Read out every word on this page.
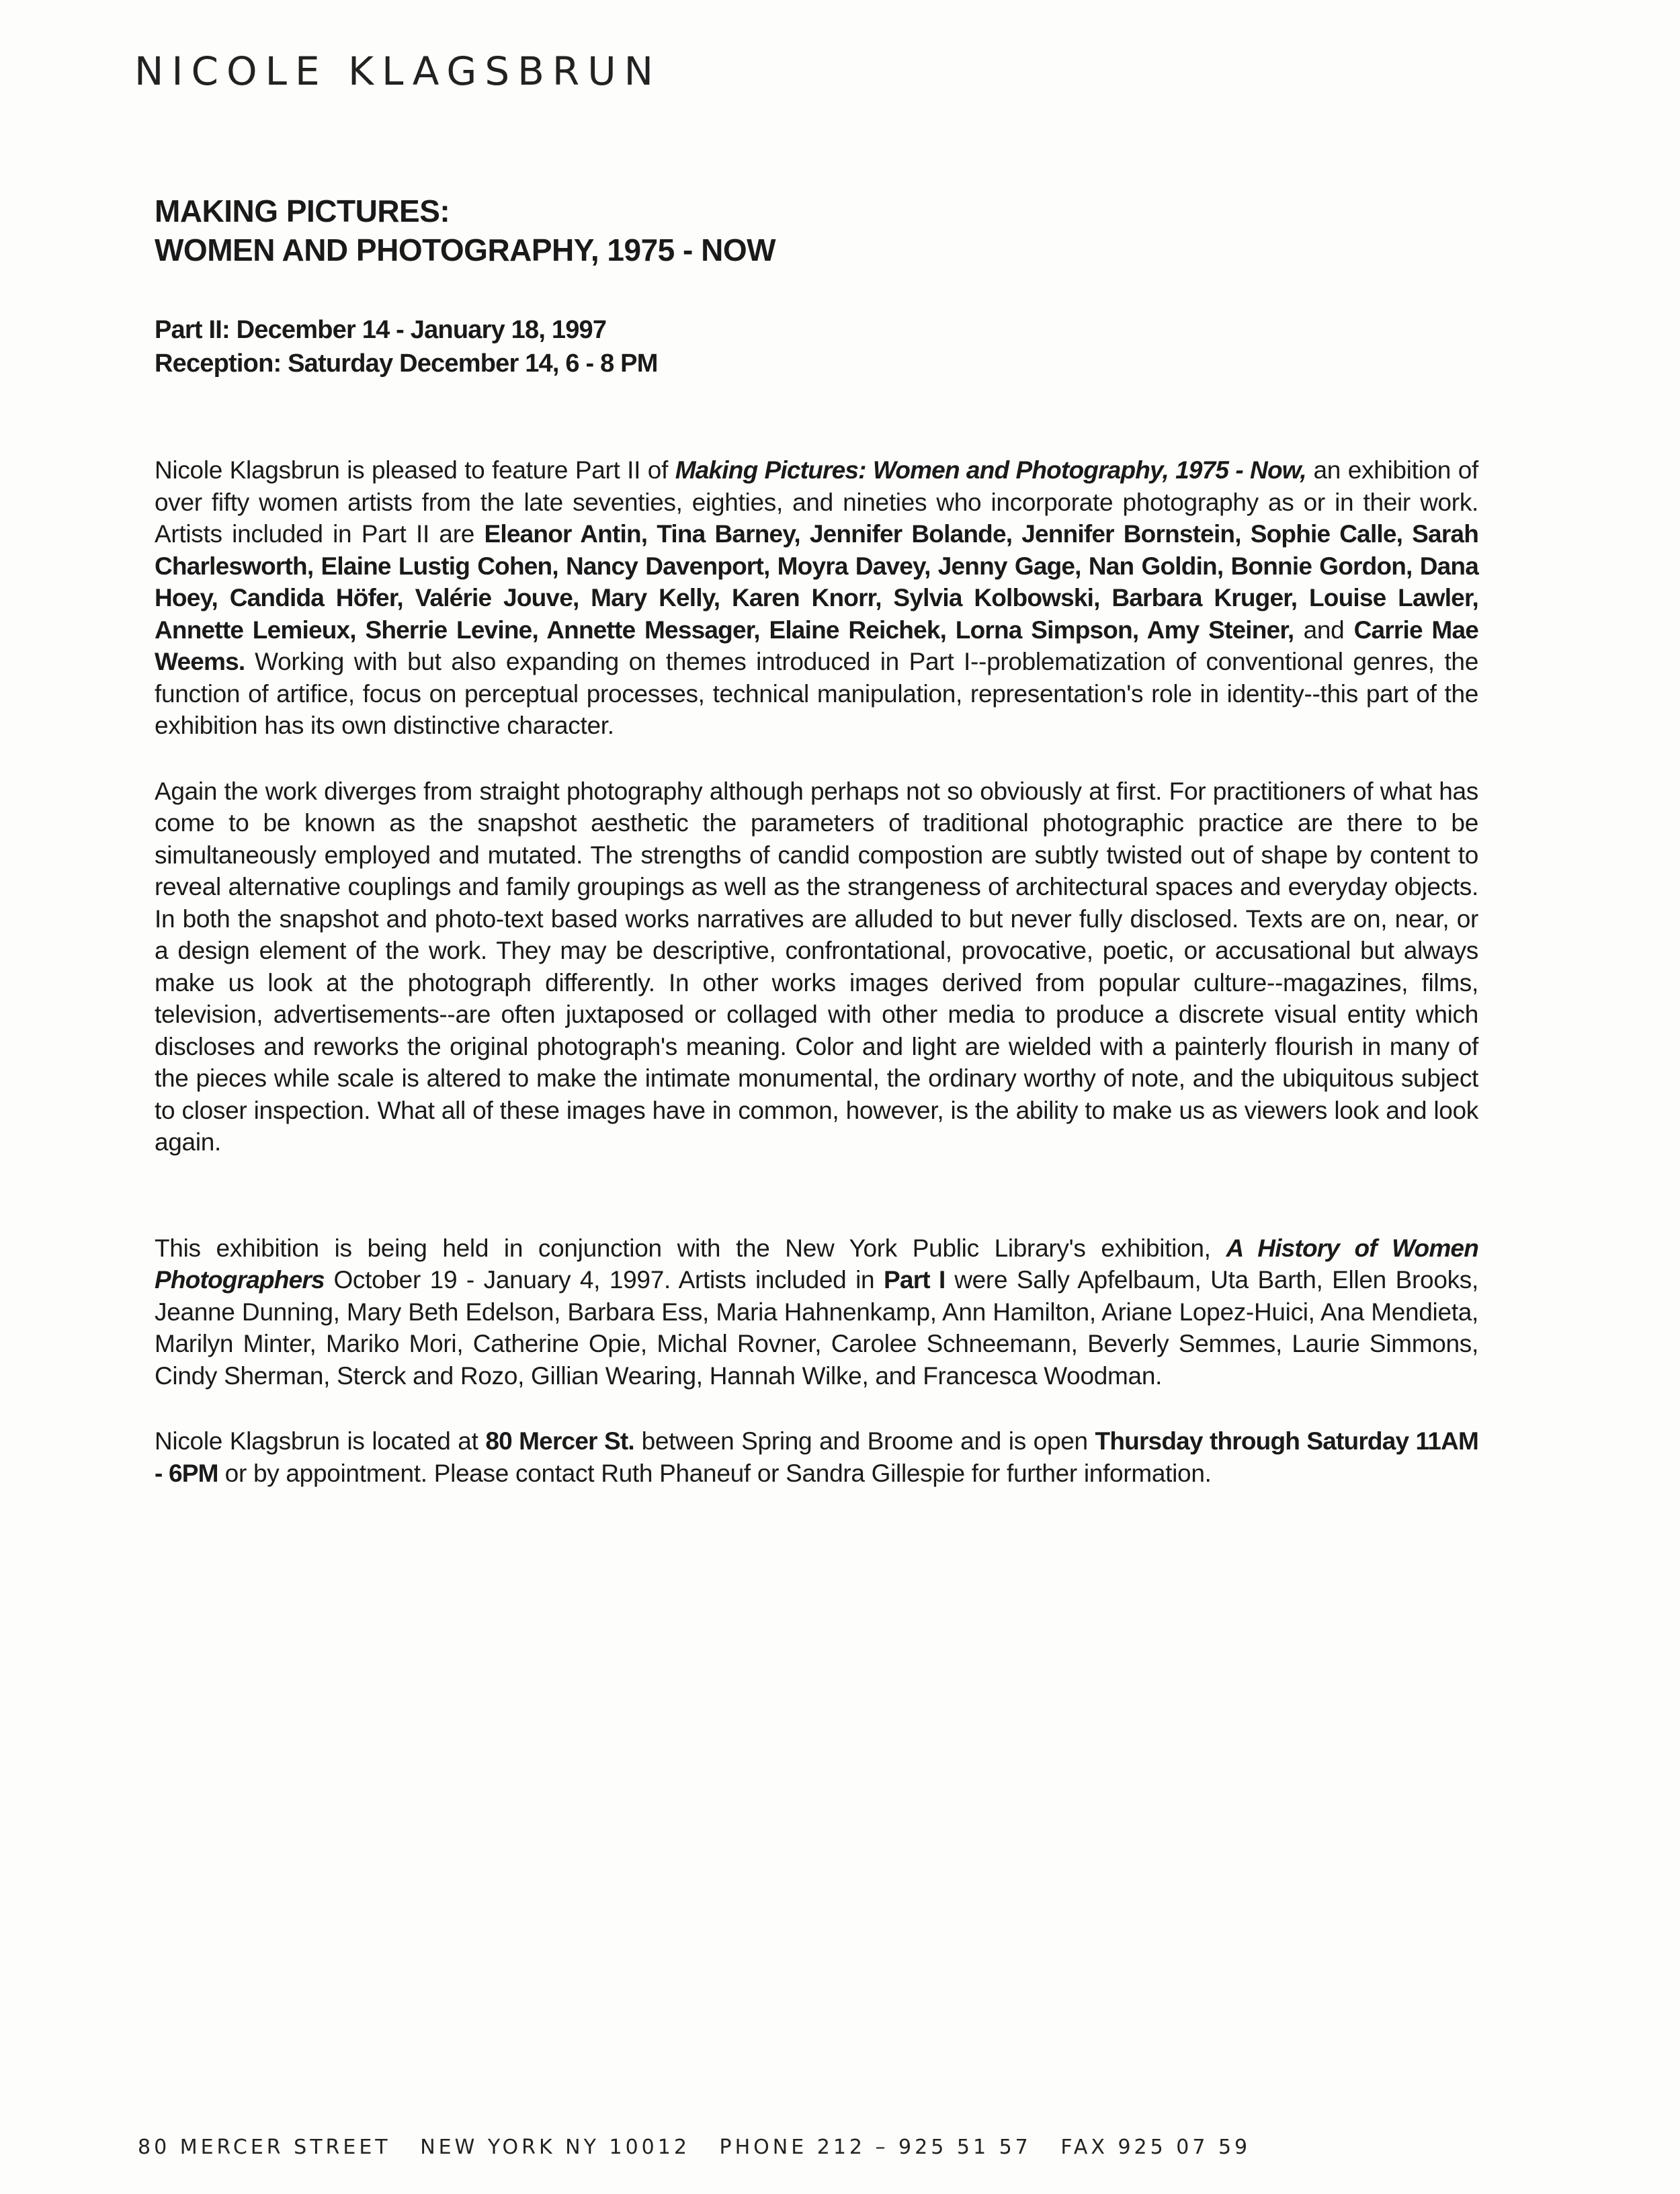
NICOLE KLAGSBRUN
MAKING PICTURES:
WOMEN AND PHOTOGRAPHY, 1975 - NOW
Part II: December 14 - January 18, 1997
Reception: Saturday December 14, 6 - 8 PM

Nicole Klagsbrun is pleased to feature Part II of Making Pictures: Women and Photography, 1975 - Now, an exhibition of over fifty women artists from the late seventies, eighties, and nineties who incorporate photography as or in their work. Artists included in Part II are Eleanor Antin, Tina Barney, Jennifer Bolande, Jennifer Bornstein, Sophie Calle, Sarah Charlesworth, Elaine Lustig Cohen, Nancy Davenport, Moyra Davey, Jenny Gage, Nan Goldin, Bonnie Gordon, Dana Hoey, Candida Höfer, Valérie Jouve, Mary Kelly, Karen Knorr, Sylvia Kolbowski, Barbara Kruger, Louise Lawler, Annette Lemieux, Sherrie Levine, Annette Messager, Elaine Reichek, Lorna Simpson, Amy Steiner, and Carrie Mae Weems. Working with but also expanding on themes introduced in Part I--problematization of conventional genres, the function of artifice, focus on perceptual processes, technical manipulation, representation's role in identity--this part of the exhibition has its own distinctive character.

Again the work diverges from straight photography although perhaps not so obviously at first. For practitioners of what has come to be known as the snapshot aesthetic the parameters of traditional photographic practice are there to be simultaneously employed and mutated. The strengths of candid compostion are subtly twisted out of shape by content to reveal alternative couplings and family groupings as well as the strangeness of architectural spaces and everyday objects. In both the snapshot and photo-text based works narratives are alluded to but never fully disclosed. Texts are on, near, or a design element of the work. They may be descriptive, confrontational, provocative, poetic, or accusational but always make us look at the photograph differently. In other works images derived from popular culture--magazines, films, television, advertisements--are often juxtaposed or collaged with other media to produce a discrete visual entity which discloses and reworks the original photograph's meaning. Color and light are wielded with a painterly flourish in many of the pieces while scale is altered to make the intimate monumental, the ordinary worthy of note, and the ubiquitous subject to closer inspection. What all of these images have in common, however, is the ability to make us as viewers look and look again.

This exhibition is being held in conjunction with the New York Public Library's exhibition, A History of Women Photographers October 19 - January 4, 1997. Artists included in Part I were Sally Apfelbaum, Uta Barth, Ellen Brooks, Jeanne Dunning, Mary Beth Edelson, Barbara Ess, Maria Hahnenkamp, Ann Hamilton, Ariane Lopez-Huici, Ana Mendieta, Marilyn Minter, Mariko Mori, Catherine Opie, Michal Rovner, Carolee Schneemann, Beverly Semmes, Laurie Simmons, Cindy Sherman, Sterck and Rozo, Gillian Wearing, Hannah Wilke, and Francesca Woodman.

Nicole Klagsbrun is located at 80 Mercer St. between Spring and Broome and is open Thursday through Saturday 11AM - 6PM or by appointment. Please contact Ruth Phaneuf or Sandra Gillespie for further information.

80 MERCER STREET   NEW YORK NY 10012   PHONE 212 – 925 51 57   FAX 925 07 59
